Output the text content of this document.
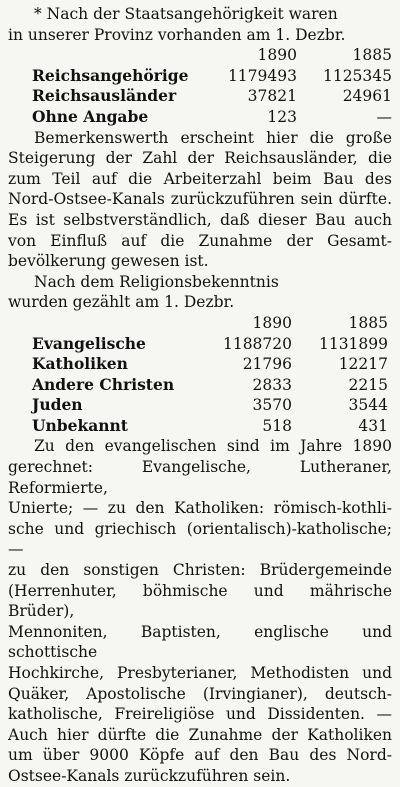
* Nach der Staatsangehörigkeit waren
in unserer Provinz vorhanden am 1. Dezbr.
	1890	1885
Reichsangehörige	1179493	1125345
Reichsausländer	37821	24961
Ohne Angabe	123	—
Bemerkenswerth erscheint hier die große
Steigerung der Zahl der Reichsausländer, die
zum Teil auf die Arbeiterzahl beim Bau des
Nord-Ostsee-Kanals zurückzuführen sein dürfte.
Es ist selbstverständlich, daß dieser Bau auch
von Einfluß auf die Zunahme der Gesamt-
bevölkerung gewesen ist.
Nach dem Religionsbekenntnis
wurden gezählt am 1. Dezbr.
	1890	1885
Evangelische	1188720	1131899
Katholiken	21796	12217
Andere Christen	2833	2215
Juden	3570	3544
Unbekannt	518	431
Zu den evangelischen sind im Jahre 1890
gerechnet: Evangelische, Lutheraner, Reformierte,
Unierte; — zu den Katholiken: römisch-kothli-
sche und griechisch (orientalisch)-katholische; —
zu den sonstigen Christen: Brüdergemeinde
(Herrenhuter, böhmische und mährische Brüder),
Mennoniten, Baptisten, englische und schottische
Hochkirche, Presbyterianer, Methodisten und
Quäker, Apostolische (Irvingianer), deutsch-
katholische, Freireligiöse und Dissidenten. —
Auch hier dürfte die Zunahme der Katholiken
um über 9000 Köpfe auf den Bau des Nord-
Ostsee-Kanals zurückzuführen sein.
